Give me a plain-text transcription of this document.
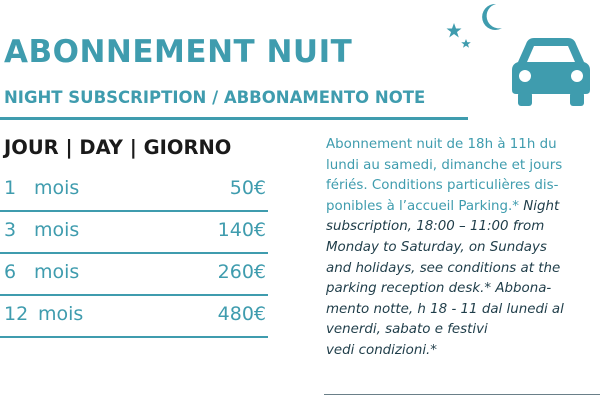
ABONNEMENT NUIT
NIGHT SUBSCRIPTION / ABBONAMENTO NOTE
JOUR | DAY | GIORNO
1 mois	50€
3 mois	140€
6 mois	260€
12 mois	480€

Abonnement nuit de 18h à 11h du
lundi au samedi, dimanche et jours
fériés. Conditions particulières dis-
ponibles à l’accueil Parking.* Night
subscription, 18:00 – 11:00 from
Monday to Saturday, on Sundays
and holidays, see conditions at the
parking reception desk.* Abbona-
mento notte, h 18 - 11 dal lunedi al
venerdi, sabato e festivi
vedi condizioni.*
